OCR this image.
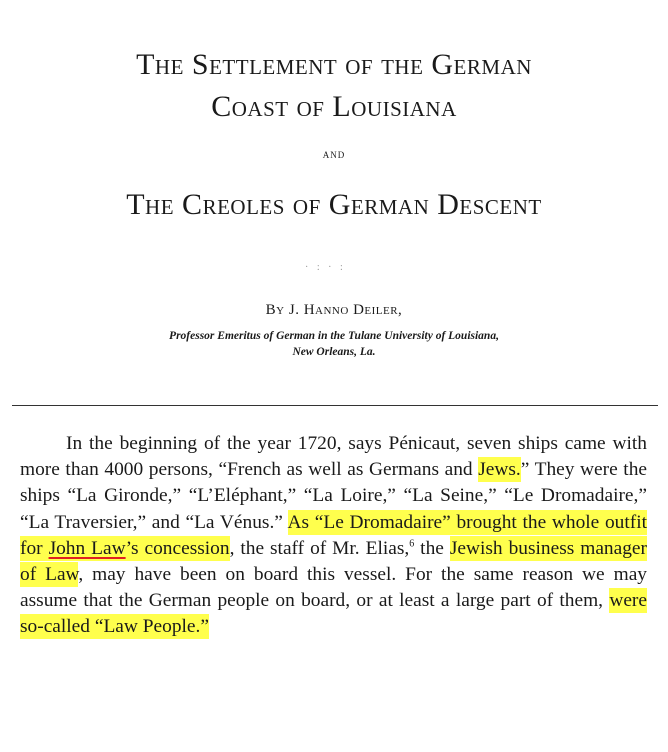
The Settlement of the German
Coast of Louisiana
and
The Creoles of German Descent
· : · :
By J. Hanno Deiler,
Professor Emeritus of German in the Tulane University of Louisiana,
New Orleans, La.

In the beginning of the year 1720, says Pénicaut, seven ships came with more than 4000 persons, “French as well as Germans and Jews.” They were the ships “La Gironde,” “L’Eléphant,” “La Loire,” “La Seine,” “Le Dromadaire,” “La Traversier,” and “La Vénus.” As “Le Dromadaire” brought the whole outfit for John Law’s concession, the staff of Mr. Elias,$^6$ the Jewish business manager of Law, may have been on board this vessel. For the same reason we may assume that the German people on board, or at least a large part of them, were so-called “Law People.”
